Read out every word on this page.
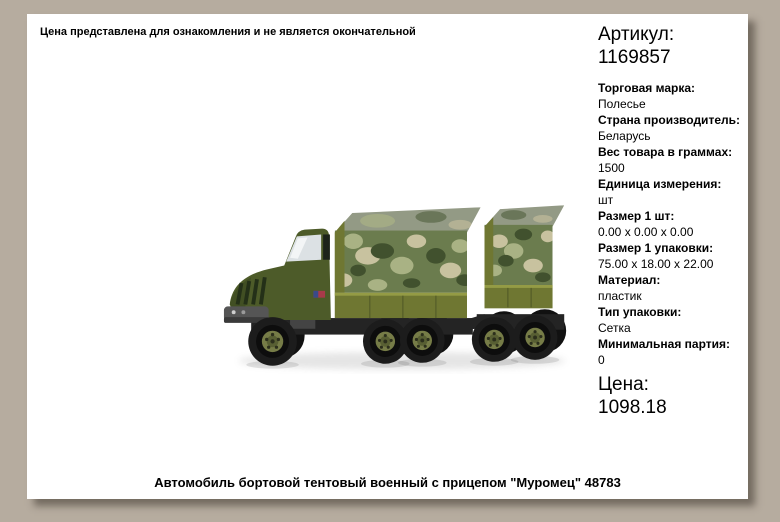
Цена представлена для ознакомления и не является окончательной	Артикул:
1169857
Торговая марка:
Полесье
Страна производитель:
Беларусь
Вес товара в граммах:
1500
Единица измерения:
шт
Размер 1 шт:
0.00 x 0.00 x 0.00
Размер 1 упаковки:
75.00 x 18.00 x 22.00
Материал:
пластик
Тип упаковки:
Сетка
Минимальная партия:
0
Цена:
1098.18
Автомобиль бортовой тентовый военный с прицепом "Муромец" 48783
